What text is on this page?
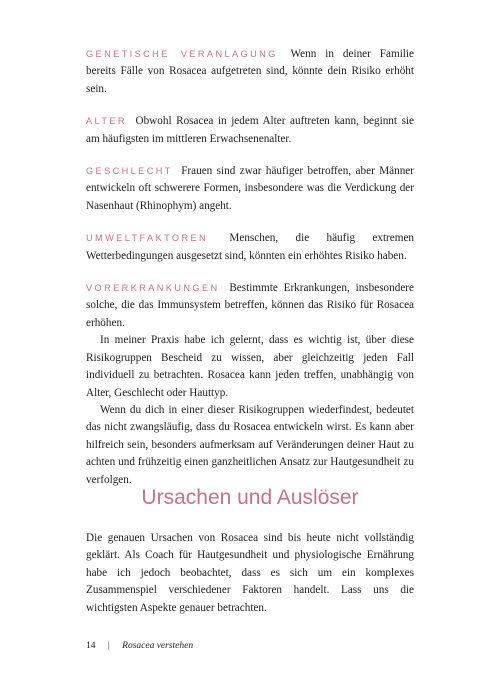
GENETISCHE VERANLAGUNG Wenn in deiner Familie bereits Fälle von Rosacea aufgetreten sind, könnte dein Risiko erhöht sein.

ALTER Obwohl Rosacea in jedem Alter auftreten kann, beginnt sie am häufigsten im mittleren Erwachsenenalter.

GESCHLECHT Frauen sind zwar häufiger betroffen, aber Männer entwickeln oft schwerere Formen, insbesondere was die Verdickung der Nasenhaut (Rhinophym) angeht.

UMWELTFAKTOREN Menschen, die häufig extremen Wetterbedingungen ausgesetzt sind, könnten ein erhöhtes Risiko haben.

VORERKRANKUNGEN Bestimmte Erkrankungen, insbesondere solche, die das Immunsystem betreffen, können das Risiko für Rosacea erhöhen.

In meiner Praxis habe ich gelernt, dass es wichtig ist, über diese Risikogruppen Bescheid zu wissen, aber gleichzeitig jeden Fall individuell zu betrachten. Rosacea kann jeden treffen, unabhängig von Alter, Geschlecht oder Hauttyp.

Wenn du dich in einer dieser Risikogruppen wiederfindest, bedeutet das nicht zwangsläufig, dass du Rosacea entwickeln wirst. Es kann aber hilfreich sein, besonders aufmerksam auf Veränderungen deiner Haut zu achten und frühzeitig einen ganzheitlichen Ansatz zur Hautgesundheit zu verfolgen.

Ursachen und Auslöser

Die genauen Ursachen von Rosacea sind bis heute nicht vollständig geklärt. Als Coach für Hautgesundheit und physiologische Ernährung habe ich jedoch beobachtet, dass es sich um ein komplexes Zusammenspiel verschiedener Faktoren handelt. Lass uns die wichtigsten Aspekte genauer betrachten.

14 | Rosacea verstehen
